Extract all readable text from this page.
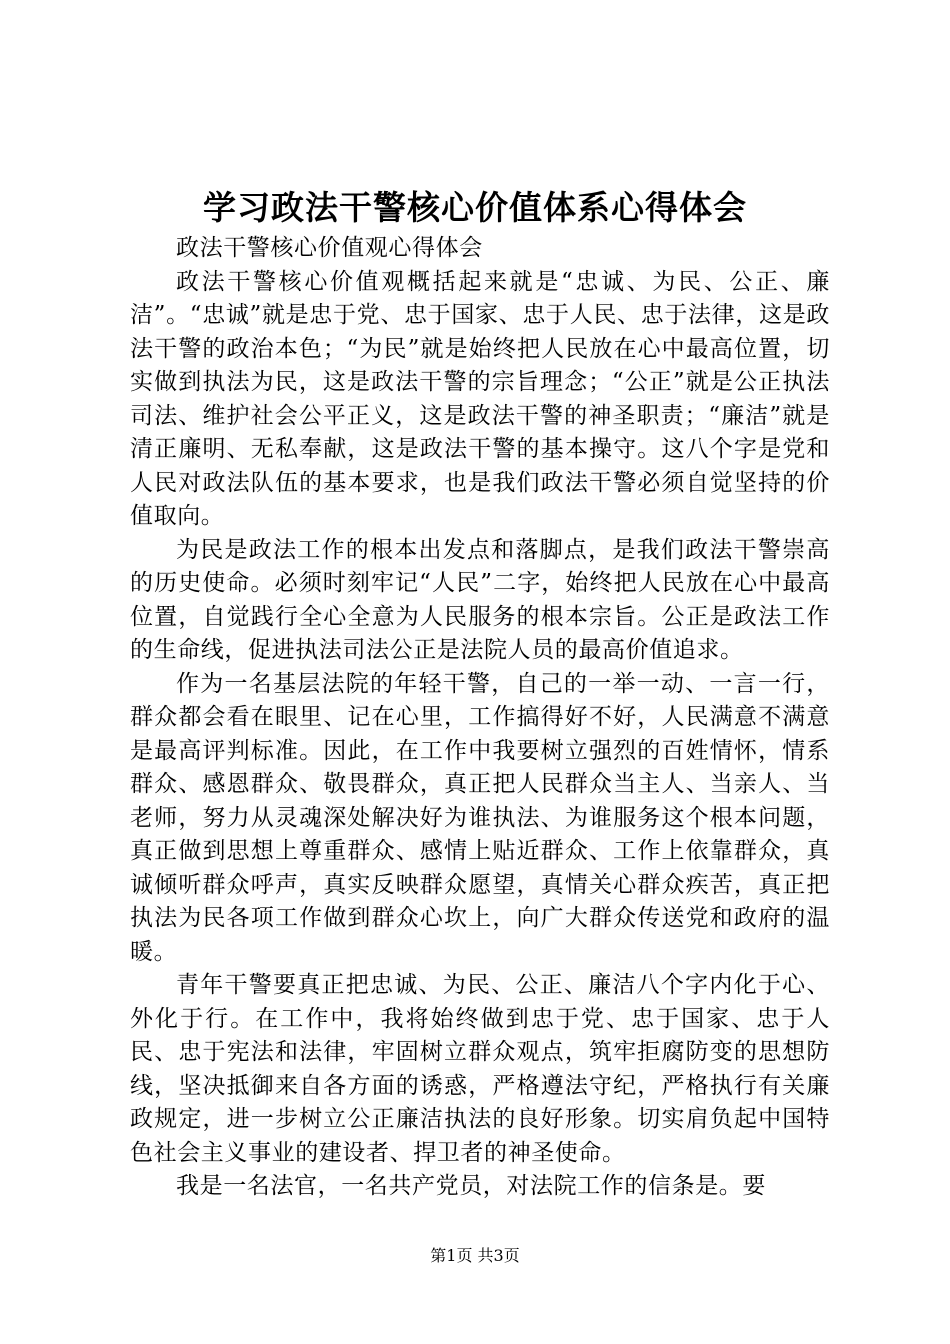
学习政法干警核心价值体系心得体会

政法干警核心价值观心得体会

政法干警核心价值观概括起来就是“忠诚、为民、公正、廉洁”。“忠诚”就是忠于党、忠于国家、忠于人民、忠于法律，这是政法干警的政治本色；“为民”就是始终把人民放在心中最高位置，切实做到执法为民，这是政法干警的宗旨理念；“公正”就是公正执法司法、维护社会公平正义，这是政法干警的神圣职责；“廉洁”就是清正廉明、无私奉献，这是政法干警的基本操守。这八个字是党和人民对政法队伍的基本要求，也是我们政法干警必须自觉坚持的价值取向。

为民是政法工作的根本出发点和落脚点，是我们政法干警崇高的历史使命。必须时刻牢记“人民”二字，始终把人民放在心中最高位置，自觉践行全心全意为人民服务的根本宗旨。公正是政法工作的生命线，促进执法司法公正是法院人员的最高价值追求。

作为一名基层法院的年轻干警，自己的一举一动、一言一行，群众都会看在眼里、记在心里，工作搞得好不好，人民满意不满意是最高评判标准。因此，在工作中我要树立强烈的百姓情怀，情系群众、感恩群众、敬畏群众，真正把人民群众当主人、当亲人、当老师，努力从灵魂深处解决好为谁执法、为谁服务这个根本问题，真正做到思想上尊重群众、感情上贴近群众、工作上依靠群众，真诚倾听群众呼声，真实反映群众愿望，真情关心群众疾苦，真正把执法为民各项工作做到群众心坎上，向广大群众传送党和政府的温暖。

青年干警要真正把忠诚、为民、公正、廉洁八个字内化于心、外化于行。在工作中，我将始终做到忠于党、忠于国家、忠于人民、忠于宪法和法律，牢固树立群众观点，筑牢拒腐防变的思想防线，坚决抵御来自各方面的诱惑，严格遵法守纪，严格执行有关廉政规定，进一步树立公正廉洁执法的良好形象。切实肩负起中国特色社会主义事业的建设者、捍卫者的神圣使命。

我是一名法官，一名共产党员，对法院工作的信条是。要

第1页 共3页
